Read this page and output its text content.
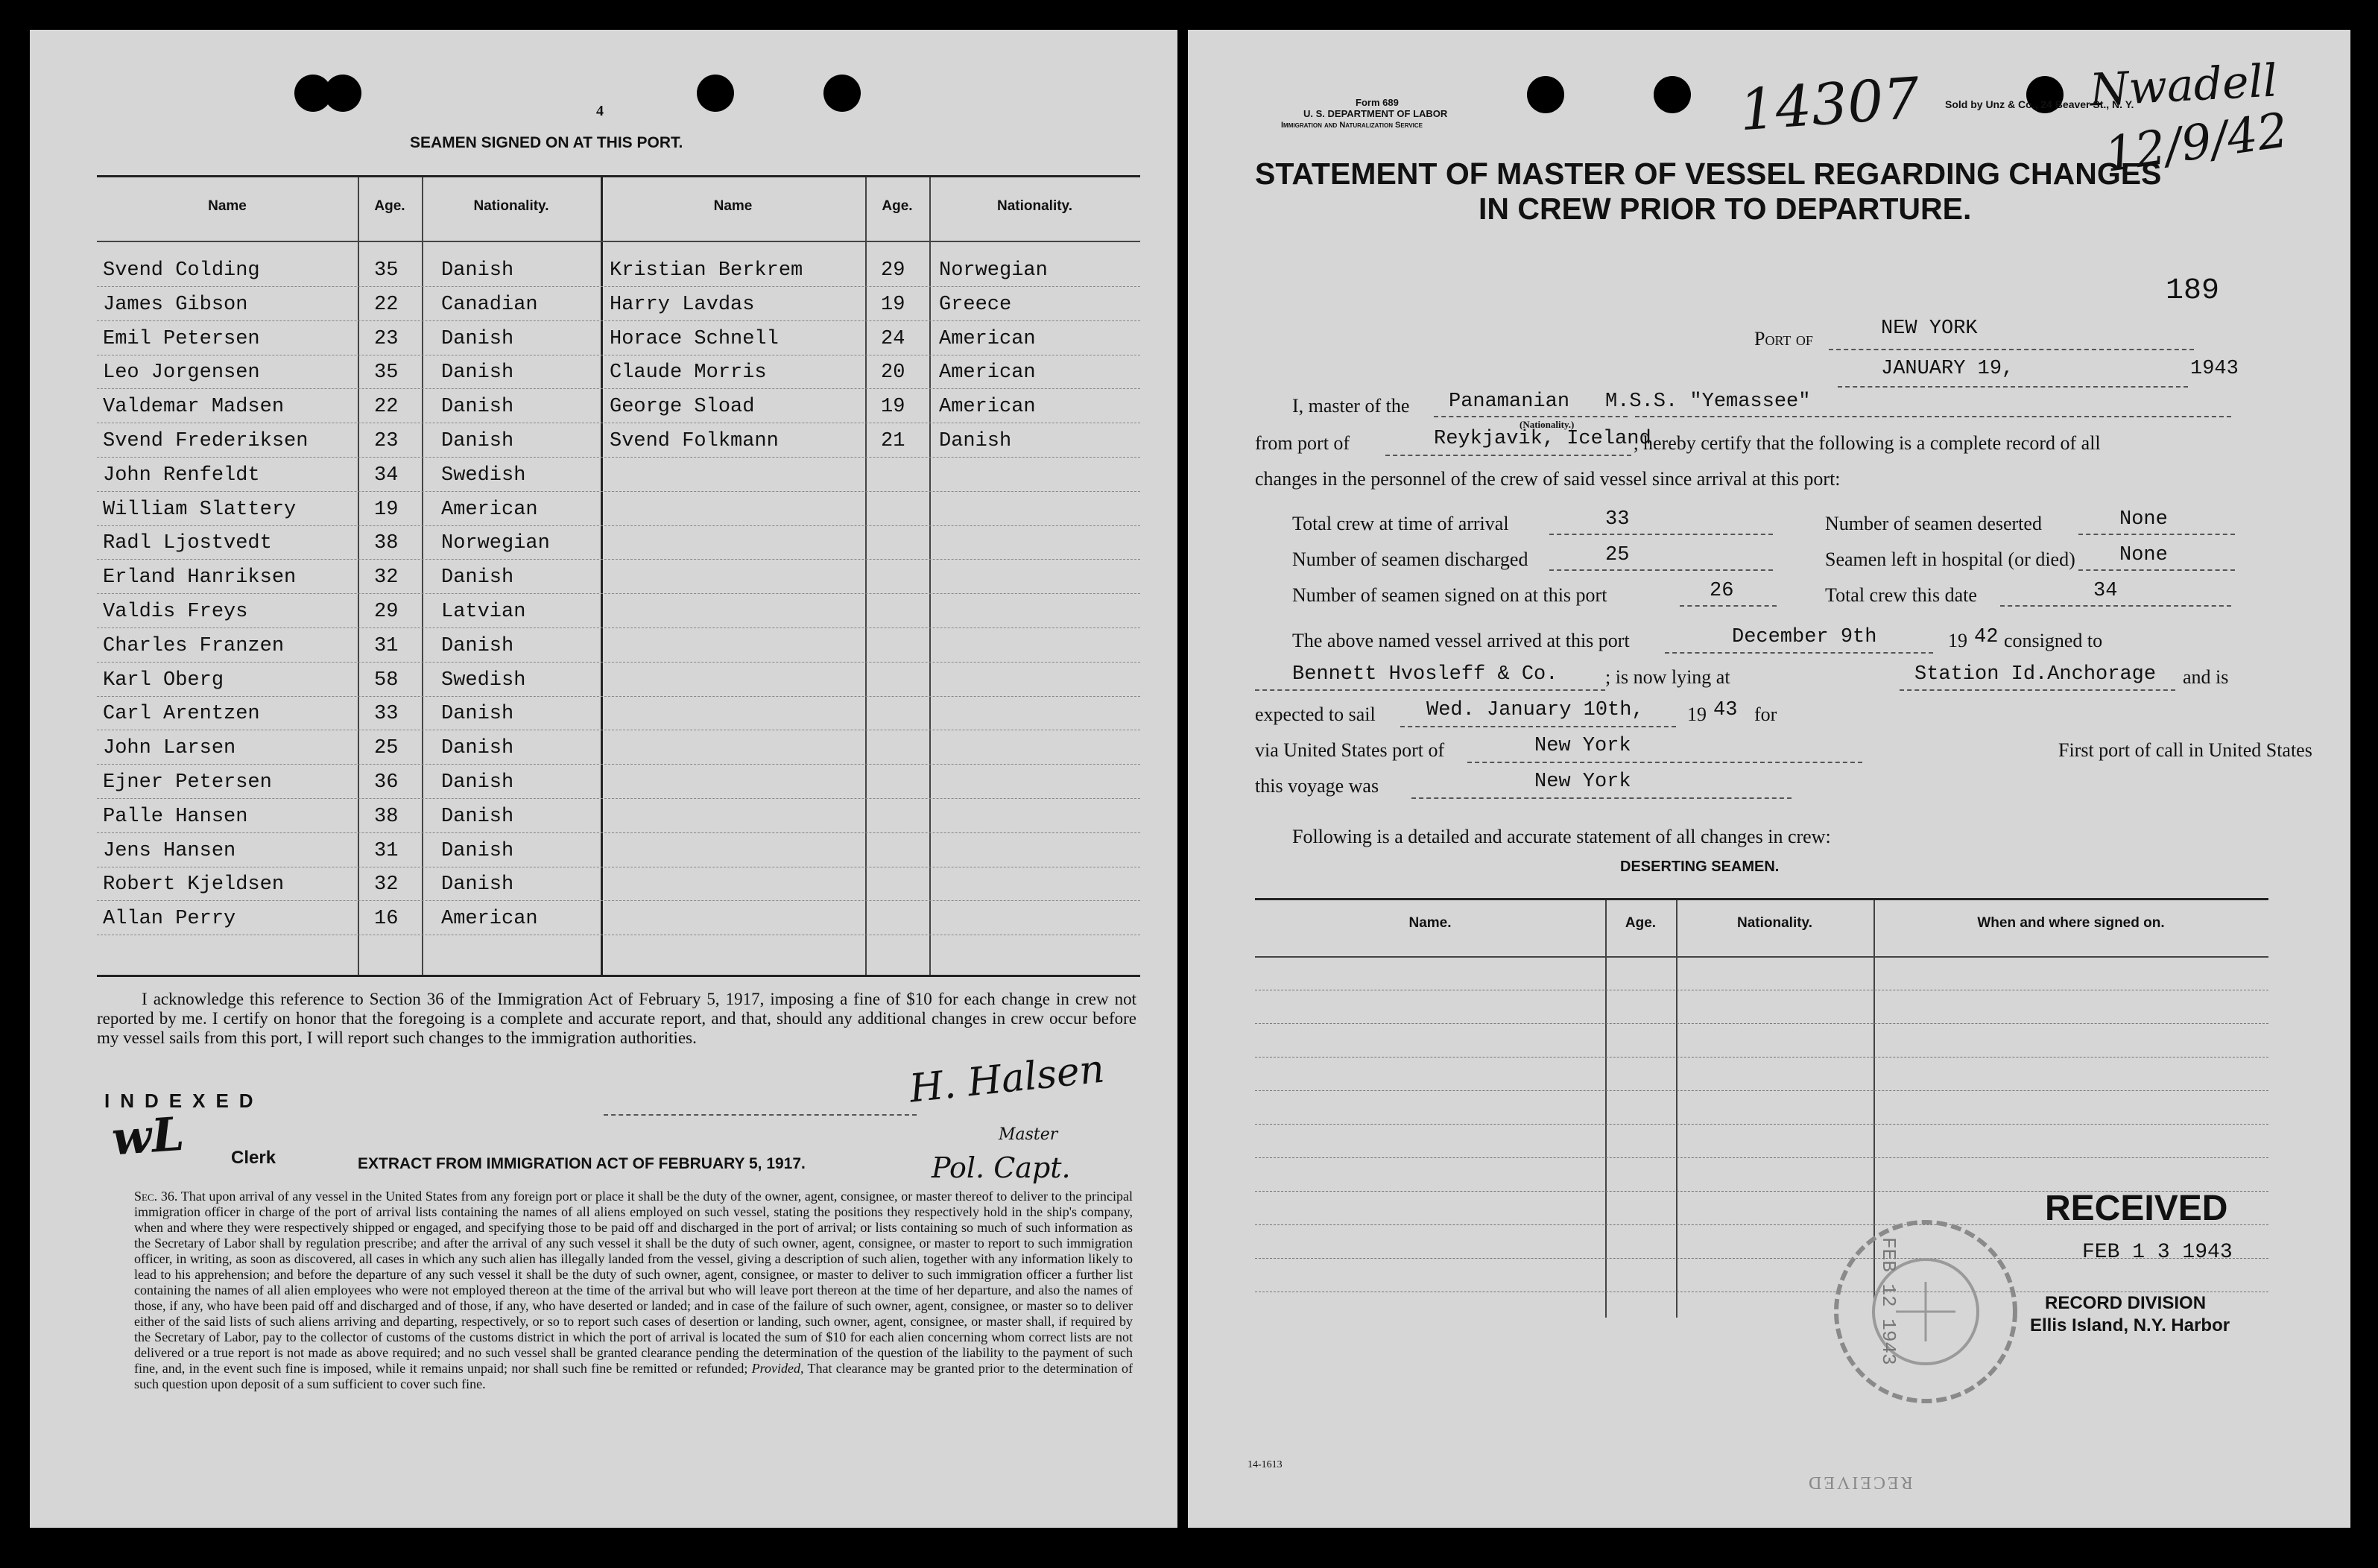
4
SEAMEN SIGNED ON AT THIS PORT.
Name	Age.	Nationality.	Name	Age.	Nationality.
Svend Colding	35 Danish	Kristian Berkrem	29 Norwegian
James Gibson	22 Canadian	Harry Lavdas	19 Greece
Emil Petersen	23 Danish	Horace Schnell	24 American
Leo Jorgensen	35 Danish	Claude Morris	20 American
Valdemar Madsen	22 Danish	George Sload	19 American
Svend Frederiksen	23 Danish	Svend Folkmann	21 Danish
John Renfeldt	34 Swedish
William Slattery	19 American
Radl Ljostvedt	38 Norwegian
Erland Hanriksen	32 Danish
Valdis Freys	29 Latvian
Charles Franzen	31 Danish
Karl Oberg	58 Swedish
Carl Arentzen	33 Danish
John Larsen	25 Danish
Ejner Petersen	36 Danish
Palle Hansen	38 Danish
Jens Hansen	31 Danish
Robert Kjeldsen	32 Danish
Allan Perry	16 American
I acknowledge this reference to Section 36 of the Immigration Act of February 5, 1917, imposing a fine of $10 for each change in crew not reported by me. I certify on honor that the foregoing is a complete and accurate report, and that, should any additional changes in crew occur before my vessel sails from this port, I will report such changes to the immigration authorities.
INDEXED
wL	Clerk
H. Halsen
Master
Pol. Capt.
EXTRACT FROM IMMIGRATION ACT OF FEBRUARY 5, 1917.
Sec. 36. That upon arrival of any vessel in the United States from any foreign port or place it shall be the duty of the owner, agent, consignee, or master thereof to deliver to the principal immigration officer in charge of the port of arrival lists containing the names of all aliens employed on such vessel, stating the positions they respectively hold in the ship's company, when and where they were respectively shipped or engaged, and specifying those to be paid off and discharged in the port of arrival; or lists containing so much of such information as the Secretary of Labor shall by regulation prescribe; and after the arrival of any such vessel it shall be the duty of such owner, agent, consignee, or master to report to such immigration officer, in writing, as soon as discovered, all cases in which any such alien has illegally landed from the vessel, giving a description of such alien, together with any information likely to lead to his apprehension; and before the departure of any such vessel it shall be the duty of such owner, agent, consignee, or master to deliver to such immigration officer a further list containing the names of all alien employees who were not employed thereon at the time of the arrival but who will leave port thereon at the time of her departure, and also the names of those, if any, who have been paid off and discharged and of those, if any, who have deserted or landed; and in case of the failure of such owner, agent, consignee, or master so to deliver either of the said lists of such aliens arriving and departing, respectively, or so to report such cases of desertion or landing, such owner, agent, consignee, or master shall, if required by the Secretary of Labor, pay to the collector of customs of the customs district in which the port of arrival is located the sum of $10 for each alien concerning whom correct lists are not delivered or a true report is not made as above required; and no such vessel shall be granted clearance pending the determination of the question of the liability to the payment of such fine, and, in the event such fine is imposed, while it remains unpaid; nor shall such fine be remitted or refunded; Provided, That clearance may be granted prior to the determination of such question upon deposit of a sum sufficient to cover such fine.
Form 689
U. S. DEPARTMENT OF LABOR
Immigration and Naturalization Service
Sold by Unz & Co., 24 Beaver St., N. Y.
14307	Nwadell
12/9/42
STATEMENT OF MASTER OF VESSEL REGARDING CHANGES
IN CREW PRIOR TO DEPARTURE.
189
Port of	NEW YORK
JANUARY 19,	1943
I, master of the Panamanian
(Nationality.)
M.S.S. "Yemassee"
from port of	Reykjavik, Iceland
, hereby certify that the following is a complete record of all
changes in the personnel of the crew of said vessel since arrival at this port:
The above named vessel arrived at this port	December 9th	19 42 consigned to
Bennett Hvosleff & Co. ; is now lying at	Station Id.Anchorage and is
expected to sail	Wed. January 10th, 19 43 for
via United States port of	New York	First port of call in United States
this voyage was	New York
Following is a detailed and accurate statement of all changes in crew:
DESERTING SEAMEN.
Name.	Age.	Nationality.	When and where signed on.
FEB 12 1943
RECEIVED
FEB 1 3 1943
RECORD DIVISION
Ellis Island, N.Y. Harbor
14-1613
RECEIVED
Total crew at time of arrival	33
Number of seamen discharged	25
Number of seamen signed on at this port	26
Number of seamen deserted	None
Seamen left in hospital (or died) None
Total crew this date	34
